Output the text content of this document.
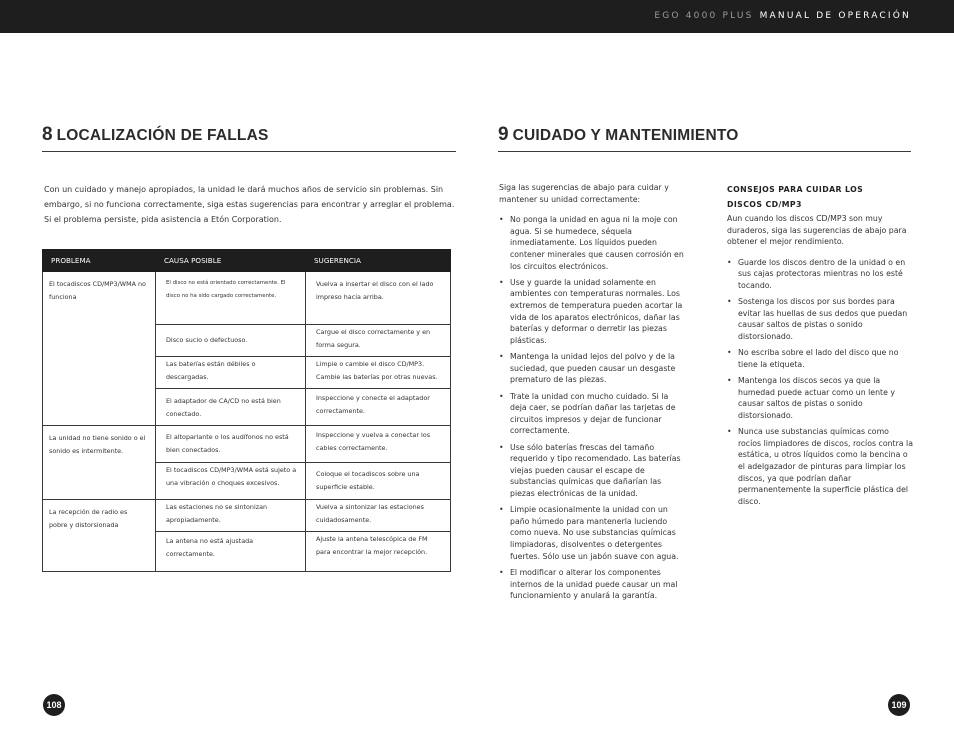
EGO 4000 PLUS MANUAL DE OPERACIÓN
8 LOCALIZACIÓN DE FALLAS

Con un cuidado y manejo apropiados, la unidad le dará muchos años de servicio sin problemas. Sin embargo, si no funciona correctamente, siga estas sugerencias para encontrar y arreglar el problema. Si el problema persiste, pida asistencia a Etón Corporation.

PROBLEMA	CAUSA POSIBLE	SUGERENCIA
El tocadiscos CD/MP3/WMA no funciona	El disco no está orientado correctamente. El disco no ha sido cargado correctamente.	Vuelva a insertar el disco con el lado impreso hacia arriba.
	Disco sucio o defectuoso.	Cargue el disco correctamente y en forma segura.
	Las baterías están débiles o descargadas.	Limpie o cambie el disco CD/MP3. Cambie las baterías por otras nuevas.
	El adaptador de CA/CD no está bien conectado.	Inspeccione y conecte el adaptador correctamente.
La unidad no tiene sonido o el sonido es intermitente.	El altoparlante o los audífonos no está bien conectados.	Inspeccione y vuelva a conectar los cables correctamente.
	El tocadiscos CD/MP3/WMA está sujeto a una vibración o choques excesivos.	Coloque el tocadiscos sobre una superficie estable.
La recepción de radio es pobre y distorsionada	Las estaciones no se sintonizan apropiadamente.	Vuelva a sintonizar las estaciones cuidadosamente.
	La antena no está ajustada correctamente.	Ajuste la antena telescópica de FM para encontrar la mejor recepción.
108
9 CUIDADO Y MANTENIMIENTO

Siga las sugerencias de abajo para cuidar y mantener su unidad correctamente:

• No ponga la unidad en agua ni la moje con agua. Si se humedece, séquela inmediatamente. Los líquidos pueden contener minerales que causen corrosión en los circuitos electrónicos.
• Use y guarde la unidad solamente en ambientes con temperaturas normales. Los extremos de temperatura pueden acortar la vida de los aparatos electrónicos, dañar las baterías y deformar o derretir las piezas plásticas.
• Mantenga la unidad lejos del polvo y de la suciedad, que pueden causar un desgaste prematuro de las piezas.
• Trate la unidad con mucho cuidado. Si la deja caer, se podrían dañar las tarjetas de circuitos impresos y dejar de funcionar correctamente.
• Use sólo baterías frescas del tamaño requerido y tipo recomendado. Las baterías viejas pueden causar el escape de substancias químicas que dañarían las piezas electrónicas de la unidad.
• Limpie ocasionalmente la unidad con un paño húmedo para mantenerla luciendo como nueva. No use substancias químicas limpiadoras, disolventes o detergentes fuertes. Sólo use un jabón suave con agua.
• El modificar o alterar los componentes internos de la unidad puede causar un mal funcionamiento y anulará la garantía.
CONSEJOS PARA CUIDAR LOS
DISCOS CD/MP3

Aun cuando los discos CD/MP3 son muy duraderos, siga las sugerencias de abajo para obtener el mejor rendimiento.

• Guarde los discos dentro de la unidad o en sus cajas protectoras mientras no los esté tocando.
• Sostenga los discos por sus bordes para evitar las huellas de sus dedos que puedan causar saltos de pistas o sonido distorsionado.
• No escriba sobre el lado del disco que no tiene la etiqueta.
• Mantenga los discos secos ya que la humedad puede actuar como un lente y causar saltos de pistas o sonido distorsionado.
• Nunca use substancias químicas como rocíos limpiadores de discos, rocíos contra la estática, u otros líquidos como la bencina o el adelgazador de pinturas para limpiar los discos, ya que podrían dañar permanentemente la superficie plástica del disco.
109
